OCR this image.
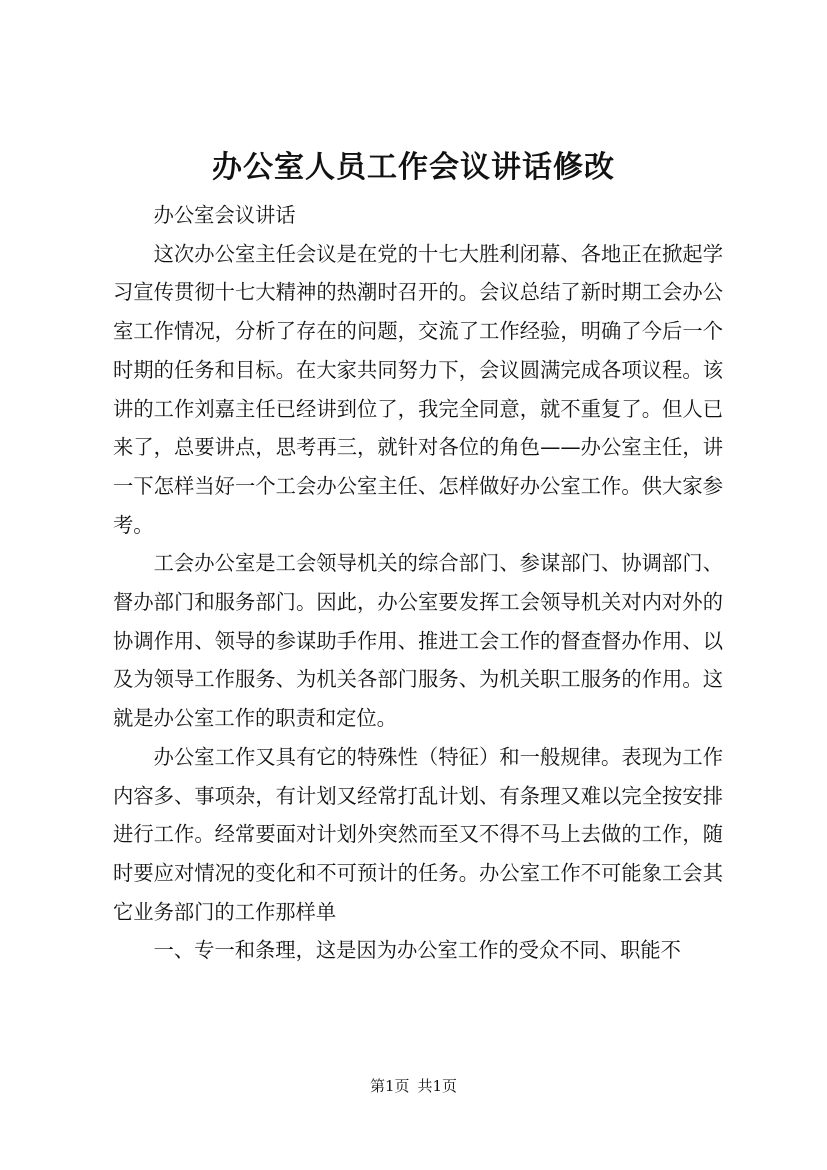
办公室人员工作会议讲话修改

办公室会议讲话

这次办公室主任会议是在党的十七大胜利闭幕、各地正在掀起学习宣传贯彻十七大精神的热潮时召开的。会议总结了新时期工会办公室工作情况，分析了存在的问题，交流了工作经验，明确了今后一个时期的任务和目标。在大家共同努力下，会议圆满完成各项议程。该讲的工作刘嘉主任已经讲到位了，我完全同意，就不重复了。但人已来了，总要讲点，思考再三，就针对各位的角色——办公室主任，讲一下怎样当好一个工会办公室主任、怎样做好办公室工作。供大家参考。

工会办公室是工会领导机关的综合部门、参谋部门、协调部门、督办部门和服务部门。因此，办公室要发挥工会领导机关对内对外的协调作用、领导的参谋助手作用、推进工会工作的督查督办作用、以及为领导工作服务、为机关各部门服务、为机关职工服务的作用。这就是办公室工作的职责和定位。

办公室工作又具有它的特殊性（特征）和一般规律。表现为工作内容多、事项杂，有计划又经常打乱计划、有条理又难以完全按安排进行工作。经常要面对计划外突然而至又不得不马上去做的工作，随时要应对情况的变化和不可预计的任务。办公室工作不可能象工会其它业务部门的工作那样单

一、专一和条理，这是因为办公室工作的受众不同、职能不

第1页 共1页
